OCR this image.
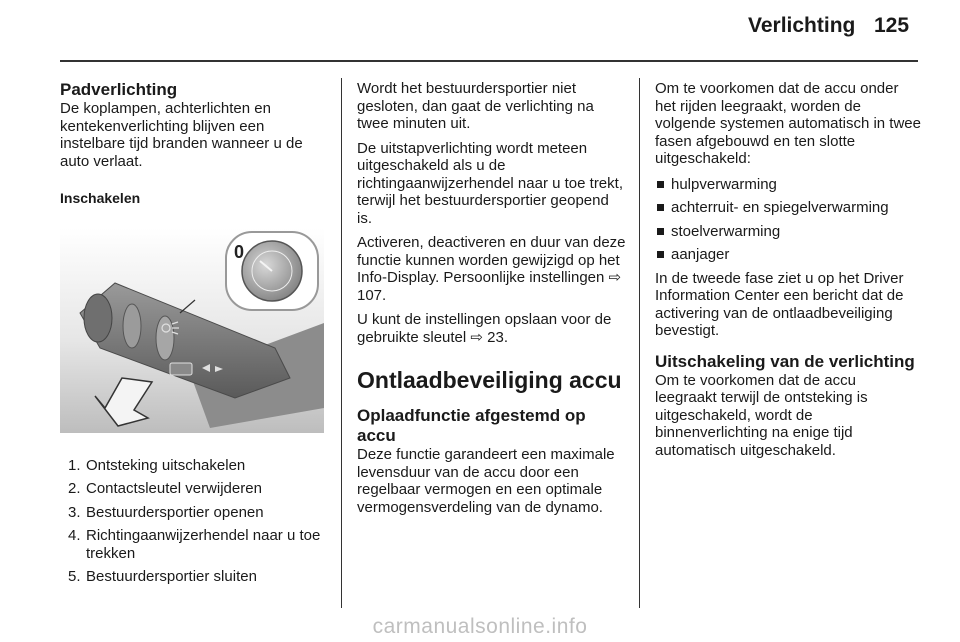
Verlichting 125
Padverlichting

De koplampen, achterlichten en kentekenverlichting blijven een instelbare tijd branden wanneer u de auto verlaat.

Inschakelen
0
1. Ontsteking uitschakelen
2. Contactsleutel verwijderen
3. Bestuurdersportier openen
4. Richtingaanwijzerhendel naar u toe trekken
5. Bestuurdersportier sluiten

Wordt het bestuurdersportier niet gesloten, dan gaat de verlichting na twee minuten uit.

De uitstapverlichting wordt meteen uitgeschakeld als u de richtingaanwijzerhendel naar u toe trekt, terwijl het bestuurdersportier geopend is.

Activeren, deactiveren en duur van deze functie kunnen worden gewijzigd op het Info-Display. Persoonlijke instellingen ⇨ 107.

U kunt de instellingen opslaan voor de gebruikte sleutel ⇨ 23.

Ontlaadbeveiliging accu
Oplaadfunctie afgestemd op accu

Deze functie garandeert een maximale levensduur van de accu door een regelbaar vermogen en een optimale vermogensverdeling van de dynamo.

Om te voorkomen dat de accu onder het rijden leegraakt, worden de volgende systemen automatisch in twee fasen afgebouwd en ten slotte uitgeschakeld:

hulpverwarming
achterruit- en spiegelverwarming
stoelverwarming
aanjager

In de tweede fase ziet u op het Driver Information Center een bericht dat de activering van de ontlaadbeveiliging bevestigt.

Uitschakeling van de verlichting

Om te voorkomen dat de accu leegraakt terwijl de ontsteking is uitgeschakeld, wordt de binnenverlichting na enige tijd automatisch uitgeschakeld.

carmanualsonline.info
